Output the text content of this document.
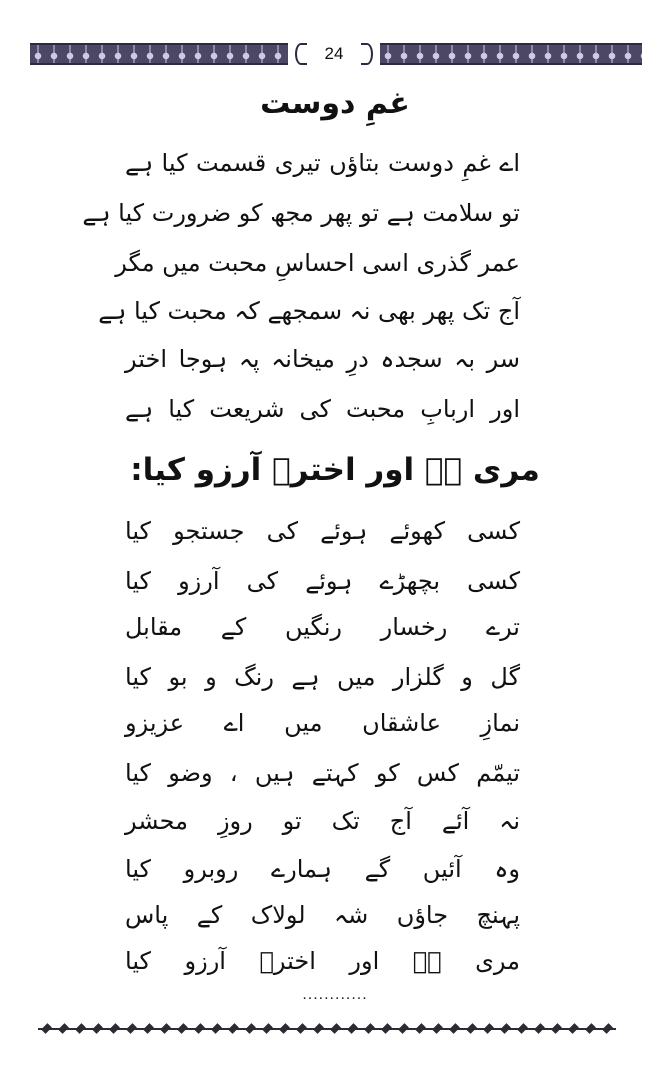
24
غمِ دوست
اے غمِ دوست بتاؤں تیری قسمت کیا ہے
تو سلامت ہے تو پھر مجھ کو ضرورت کیا ہے
عمر گذری اسی احساسِ محبت میں مگر
آج تک پھر بھی نہ سمجھے کہ محبت کیا ہے
سر بہ سجدہ درِ میخانہ پہ ہوجا اختر
اور اربابِ محبت کی شریعت کیا ہے
مری ہے اور اخترؔ آرزو کیا:
کسی کھوئے ہوئے کی جستجو کیا
کسی بچھڑے ہوئے کی آرزو کیا
ترے رخسار رنگیں کے مقابل
گل و گلزار میں ہے رنگ و بو کیا
نمازِ عاشقاں میں اے عزیزو
تیمّم کس کو کہتے ہیں ، وضو کیا
نہ آئے آج تک تو روزِ محشر
وہ آئیں گے ہمارے روبرو کیا
پہنچ جاؤں شہ لولاک کے پاس
مری ہے اور اخترؔ آرزو کیا
............
